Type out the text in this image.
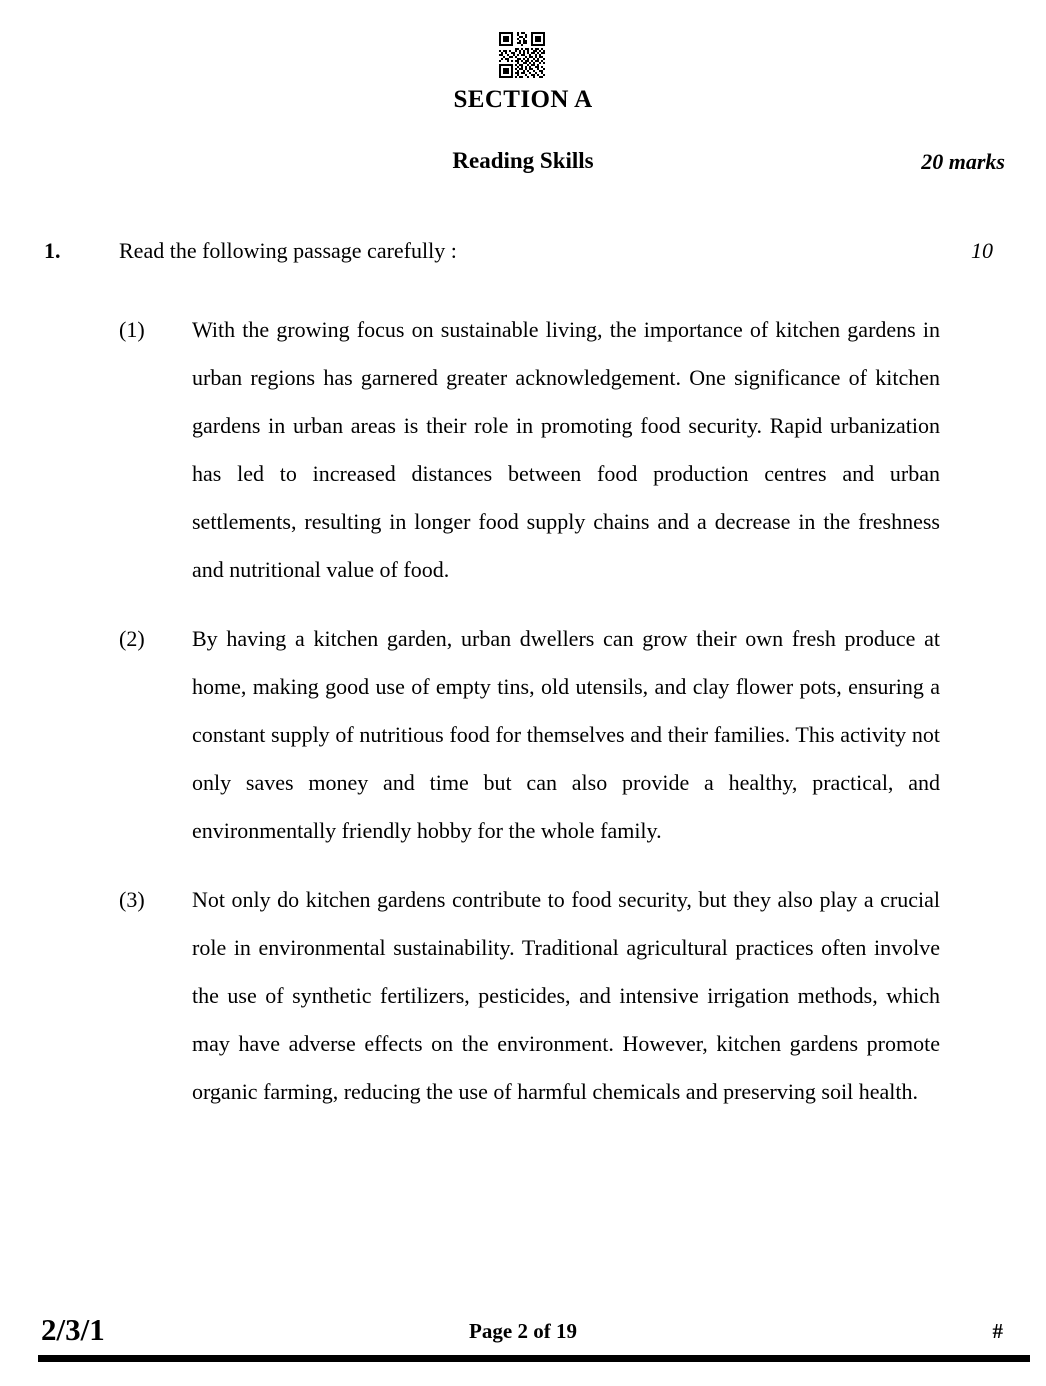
SECTION A
Reading Skills	20 marks
1.	Read the following passage carefully :	10
(1)	With the growing focus on sustainable living, the importance of kitchen gardens in urban regions has garnered greater acknowledgement. One significance of kitchen gardens in urban areas is their role in promoting food security. Rapid urbanization has led to increased distances between food production centres and urban settlements, resulting in longer food supply chains and a decrease in the freshness and nutritional value of food.
(2)	By having a kitchen garden, urban dwellers can grow their own fresh produce at home, making good use of empty tins, old utensils, and clay flower pots, ensuring a constant supply of nutritious food for themselves and their families. This activity not only saves money and time but can also provide a healthy, practical, and environmentally friendly hobby for the whole family.
(3)	Not only do kitchen gardens contribute to food security, but they also play a crucial role in environmental sustainability. Traditional agricultural practices often involve the use of synthetic fertilizers, pesticides, and intensive irrigation methods, which may have adverse effects on the environment. However, kitchen gardens promote organic farming, reducing the use of harmful chemicals and preserving soil health.
2/3/1	Page 2 of 19	#
